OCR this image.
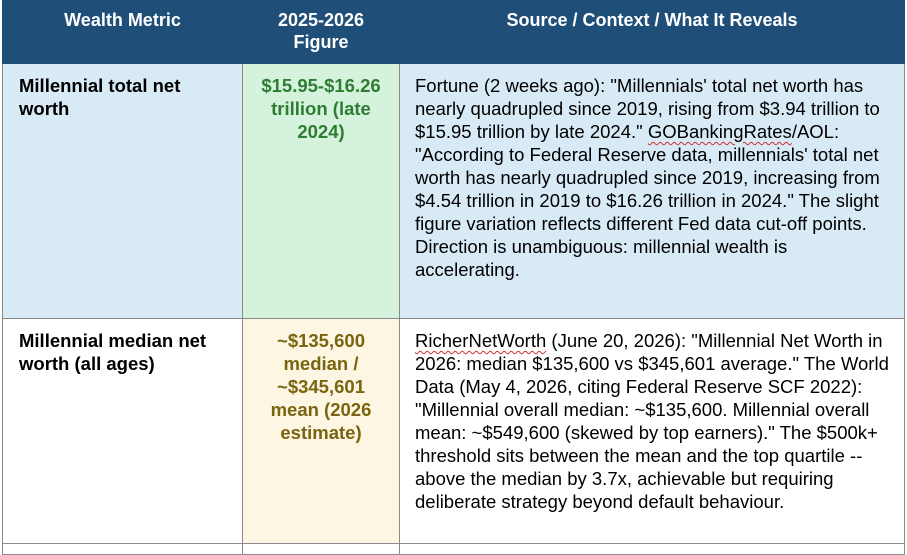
Wealth Metric	2025-2026 Figure	Source / Context / What It Reveals
Millennial total net worth	$15.95-$16.26 trillion (late 2024)	Fortune (2 weeks ago): "Millennials' total net worth has nearly quadrupled since 2019, rising from $3.94 trillion to $15.95 trillion by late 2024." GOBankingRates/AOL: "According to Federal Reserve data, millennials' total net worth has nearly quadrupled since 2019, increasing from $4.54 trillion in 2019 to $16.26 trillion in 2024." The slight figure variation reflects different Fed data cut-off points. Direction is unambiguous: millennial wealth is accelerating.
Millennial median net worth (all ages)	~$135,600 median / ~$345,601 mean (2026 estimate)	RicherNetWorth (June 20, 2026): "Millennial Net Worth in 2026: median $135,600 vs $345,601 average." The World Data (May 4, 2026, citing Federal Reserve SCF 2022): "Millennial overall median: ~$135,600. Millennial overall mean: ~$549,600 (skewed by top earners)." The $500k+ threshold sits between the mean and the top quartile -- above the median by 3.7x, achievable but requiring deliberate strategy beyond default behaviour.
